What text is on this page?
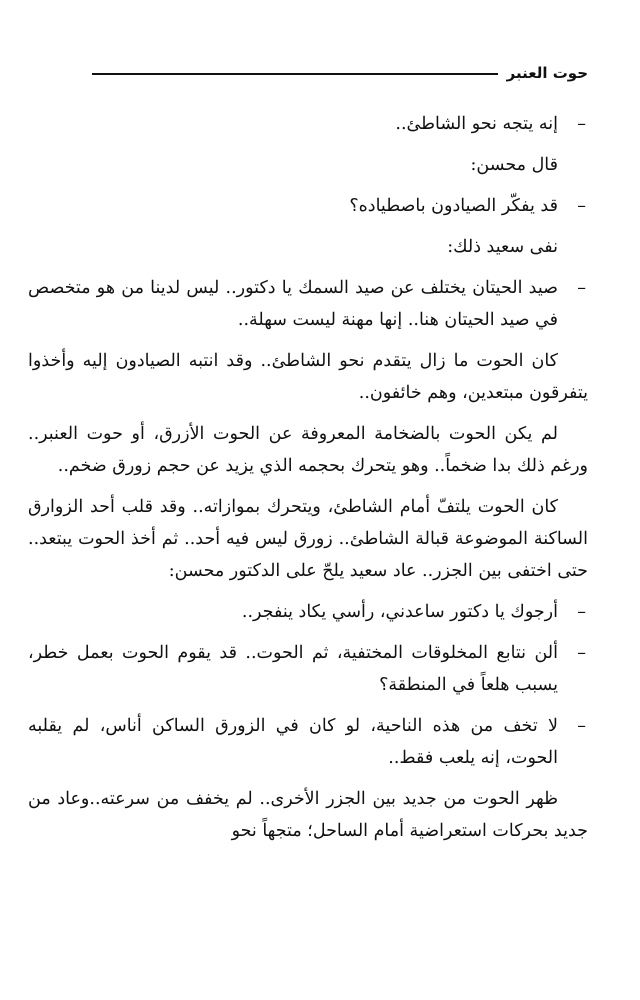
حوت العنبر

–
إنه يتجه نحو الشاطئ..

قال محسن:

–
قد يفكّر الصيادون باصطياده؟

نفى سعيد ذلك:

–
صيد الحيتان يختلف عن صيد السمك يا دكتور.. ليس لدينا من هو متخصص في صيد الحيتان هنا.. إنها مهنة ليست سهلة..

كان الحوت ما زال يتقدم نحو الشاطئ.. وقد انتبه الصيادون إليه وأخذوا يتفرقون مبتعدين، وهم خائفون..

لم يكن الحوت بالضخامة المعروفة عن الحوت الأزرق، أو حوت العنبر.. ورغم ذلك بدا ضخماً.. وهو يتحرك بحجمه الذي يزيد عن حجم زورق ضخم..

كان الحوت يلتفّ أمام الشاطئ، ويتحرك بموازاته.. وقد قلب أحد الزوارق الساكنة الموضوعة قبالة الشاطئ.. زورق ليس فيه أحد.. ثم أخذ الحوت يبتعد.. حتى اختفى بين الجزر.. عاد سعيد يلحّ على الدكتور محسن:

–
أرجوك يا دكتور ساعدني، رأسي يكاد ينفجر..

–
ألن نتابع المخلوقات المختفية، ثم الحوت.. قد يقوم الحوت بعمل خطر، يسبب هلعاً في المنطقة؟

–
لا تخف من هذه الناحية، لو كان في الزورق الساكن أناس، لم يقلبه الحوت، إنه يلعب فقط..

ظهر الحوت من جديد بين الجزر الأخرى.. لم يخفف من سرعته..وعاد من جديد بحركات استعراضية أمام الساحل؛ متجهاً نحو
